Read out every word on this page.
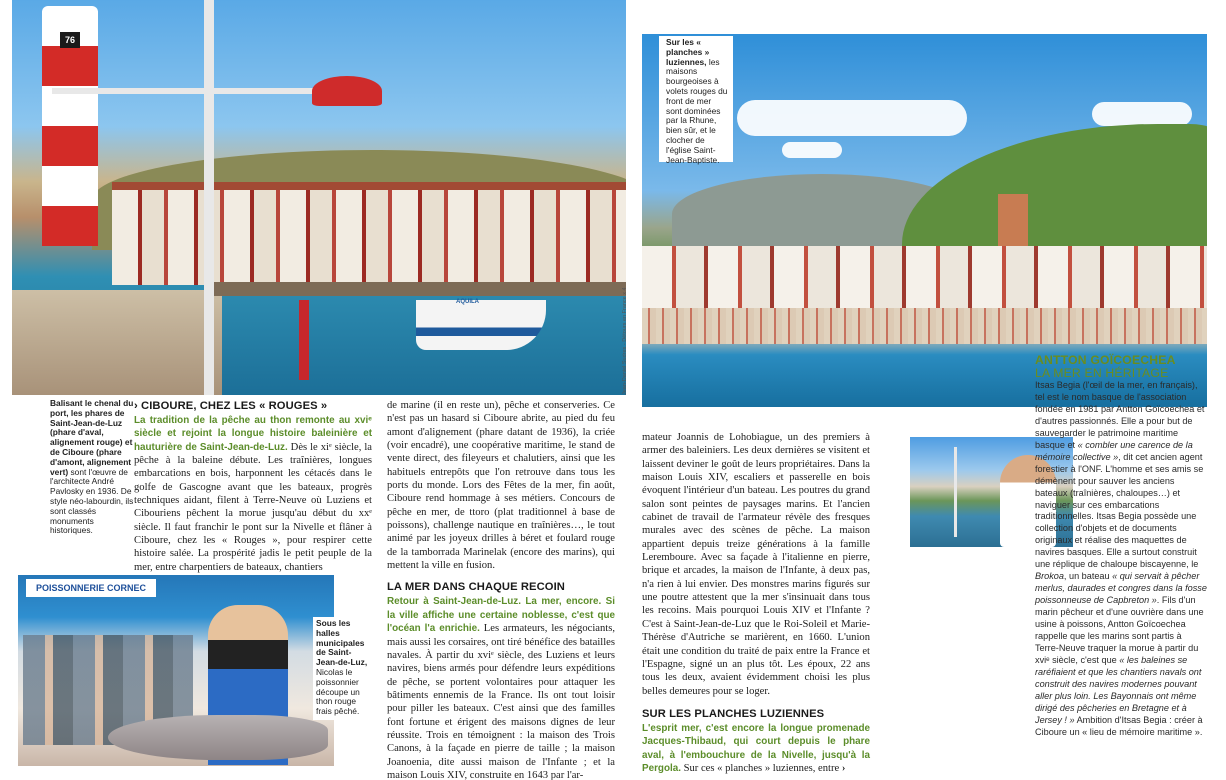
76
AQUILA	Jean-Daniel Sudres - Détours en France x 4
POISSONNERIE CORNEC
Balisant le chenal du port, les phares de Saint-Jean-de-Luz (phare d'aval, alignement rouge) et de Ciboure (phare d'amont, alignement vert) sont l'œuvre de l'architecte André Pavlosky en 1936. De style néo-labourdin, ils sont classés monuments historiques.
Sous les halles municipales de Saint-Jean-de-Luz, Nicolas le poissonnier découpe un thon rouge frais pêché.
Sur les « planches » luziennes, les maisons bourgeoises à volets rouges du front de mer sont dominées par la Rhune, bien sûr, et le clocher de l'église Saint-Jean-Baptiste.
› CIBOURE, CHEZ LES « ROUGES »

La tradition de la pêche au thon remonte au xviᵉ siècle et rejoint la longue histoire baleinière et hauturière de Saint-Jean-de-Luz. Dès le xiᵉ siècle, la pêche à la baleine débute. Les traînières, longues embarcations en bois, harponnent les cétacés dans le golfe de Gascogne avant que les bateaux, progrès techniques aidant, filent à Terre-Neuve où Luziens et Cibouriens pêchent la morue jusqu'au début du xxᵉ siècle. Il faut franchir le pont sur la Nivelle et flâner à Ciboure, chez les « Rouges », pour respirer cette histoire salée. La prospérité jadis le petit peuple de la mer, entre charpentiers de bateaux, chantiers

de marine (il en reste un), pêche et conserveries. Ce n'est pas un hasard si Ciboure abrite, au pied du feu amont d'alignement (phare datant de 1936), la criée (voir encadré), une coopérative maritime, le stand de vente direct, des fileyeurs et chalutiers, ainsi que les habituels entrepôts que l'on retrouve dans tous les ports du monde. Lors des Fêtes de la mer, fin août, Ciboure rend hommage à ses métiers. Concours de pêche en mer, de ttoro (plat traditionnel à base de poissons), challenge nautique en traînières…, le tout animé par les joyeux drilles à béret et foulard rouge de la tamborrada Marinelak (encore des marins), qui mettent la ville en fusion.

LA MER DANS CHAQUE RECOIN

Retour à Saint-Jean-de-Luz. La mer, encore. Si la ville affiche une certaine noblesse, c'est que l'océan l'a enrichie. Les armateurs, les négociants, mais aussi les corsaires, ont tiré bénéfice des batailles navales. À partir du xviᵉ siècle, des Luziens et leurs navires, biens armés pour défendre leurs expéditions de pêche, se portent volontaires pour attaquer les bâtiments ennemis de la France. Ils ont tout loisir pour piller les bateaux. C'est ainsi que des familles font fortune et érigent des maisons dignes de leur réussite. Trois en témoignent : la maison des Trois Canons, à la façade en pierre de taille ; la maison Joanoenia, dite aussi maison de l'Infante ; et la maison Louis XIV, construite en 1643 par l'ar-

mateur Joannis de Lohobiague, un des premiers à armer des baleiniers. Les deux dernières se visitent et laissent deviner le goût de leurs propriétaires. Dans la maison Louis XIV, escaliers et passerelle en bois évoquent l'intérieur d'un bateau. Les poutres du grand salon sont peintes de paysages marins. Et l'ancien cabinet de travail de l'armateur révèle des fresques murales avec des scènes de pêche. La maison appartient depuis treize générations à la famille Leremboure. Avec sa façade à l'italienne en pierre, brique et arcades, la maison de l'Infante, à deux pas, n'a rien à lui envier. Des monstres marins figurés sur une poutre attestent que la mer s'insinuait dans tous les recoins. Mais pourquoi Louis XIV et l'Infante ? C'est à Saint-Jean-de-Luz que le Roi-Soleil et Marie-Thérèse d'Autriche se marièrent, en 1660. L'union était une condition du traité de paix entre la France et l'Espagne, signé un an plus tôt. Les époux, 22 ans tous les deux, avaient évidemment choisi les plus belles demeures pour se loger.

SUR LES PLANCHES LUZIENNES

L'esprit mer, c'est encore la longue promenade Jacques-Thibaud, qui court depuis le phare aval, à l'embouchure de la Nivelle, jusqu'à la Pergola. Sur ces « planches » luziennes, entre ›

ANTTON GOÏCOECHEA
LA MER EN HÉRITAGE
Itsas Begia (l'œil de la mer, en français), tel est le nom basque de l'association fondée en 1981 par Antton Goïcoechea et d'autres passionnés. Elle a pour but de sauvegarder le patrimoine maritime basque et « combler une carence de la mémoire collective », dit cet ancien agent forestier à l'ONF. L'homme et ses amis se démènent pour sauver les anciens bateaux (traînières, chaloupes…) et naviguer sur ces embarcations traditionnelles. Itsas Begia possède une collection d'objets et de documents originaux et réalise des maquettes de navires basques. Elle a surtout construit une réplique de chaloupe biscayenne, le Brokoa, un bateau « qui servait à pêcher merlus, daurades et congres dans la fosse poissonneuse de Capbreton ». Fils d'un marin pêcheur et d'une ouvrière dans une usine à poissons, Antton Goïcoechea rappelle que les marins sont partis à Terre-Neuve traquer la morue à partir du xviᵉ siècle, c'est que « les baleines se raréfiaient et que les chantiers navals ont construit des navires modernes pouvant aller plus loin. Les Bayonnais ont même dirigé des pêcheries en Bretagne et à Jersey ! » Ambition d'Itsas Begia : créer à Ciboure un « lieu de mémoire maritime ».
